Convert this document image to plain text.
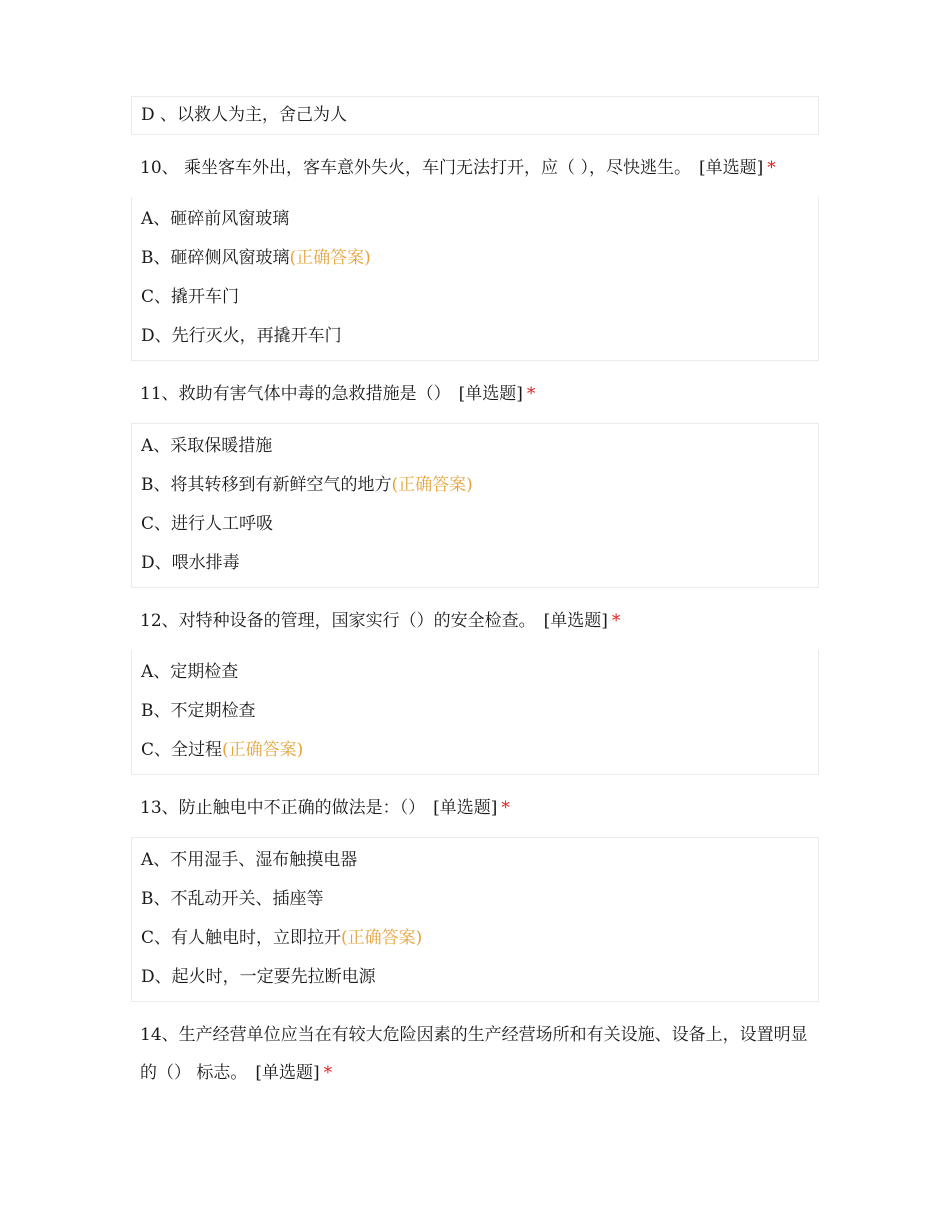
D 、以救人为主，舍己为人
10、 乘坐客车外出，客车意外失火，车门无法打开，应（ ），尽快逃生。 [单选题] *
A、砸碎前风窗玻璃
B、砸碎侧风窗玻璃(正确答案)
C、撬开车门
D、先行灭火，再撬开车门
11、救助有害气体中毒的急救措施是（） [单选题] *
A、采取保暖措施
B、将其转移到有新鲜空气的地方(正确答案)
C、进行人工呼吸
D、喂水排毒
12、对特种设备的管理，国家实行（）的安全检查。 [单选题] *
A、定期检查
B、不定期检查
C、全过程(正确答案)
13、防止触电中不正确的做法是：（） [单选题] *
A、不用湿手、湿布触摸电器
B、不乱动开关、插座等
C、有人触电时，立即拉开(正确答案)
D、起火时，一定要先拉断电源
14、生产经营单位应当在有较大危险因素的生产经营场所和有关设施、设备上，设置明显的（） 标志。 [单选题] *
